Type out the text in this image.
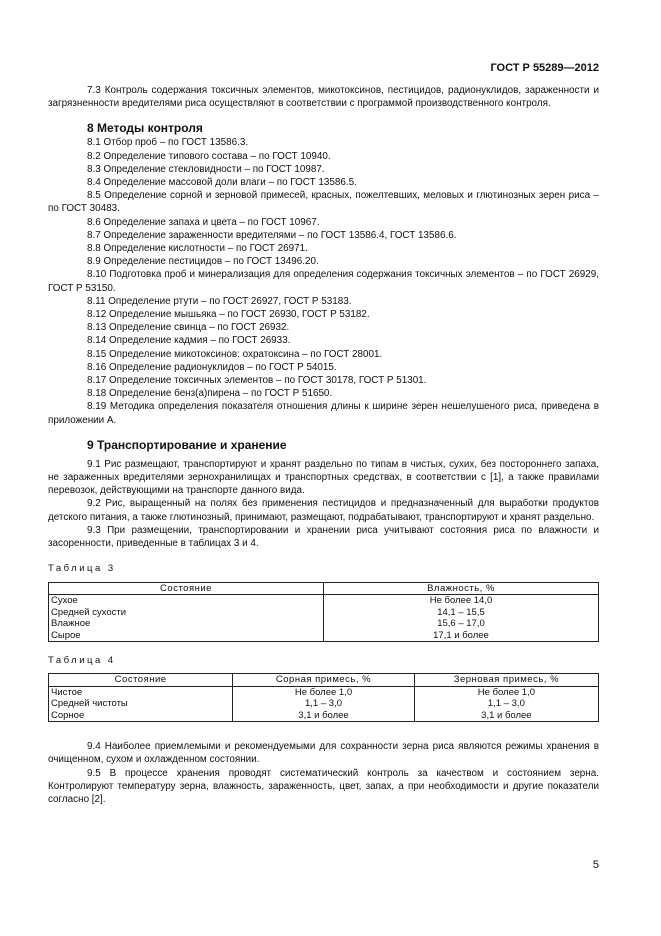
ГОСТ Р 55289—2012

7.3 Контроль содержания токсичных элементов, микотоксинов, пестицидов, радионуклидов, зараженности и загрязненности вредителями риса осуществляют в соответствии с программой производственного контроля.

8 Методы контроля

8.1 Отбор проб – по ГОСТ 13586.3.

8.2 Определение типового состава – по ГОСТ 10940.

8.3 Определение стекловидности – по ГОСТ 10987.

8.4 Определение массовой доли влаги – по ГОСТ 13586.5.

8.5 Определение сорной и зерновой примесей, красных, пожелтевших, меловых и глютинозных зерен риса – по ГОСТ 30483.

8.6 Определение запаха и цвета – по ГОСТ 10967.

8.7 Определение зараженности вредителями – по ГОСТ 13586.4, ГОСТ 13586.6.

8.8 Определение кислотности – по ГОСТ 26971.

8.9 Определение пестицидов – по ГОСТ 13496.20.

8.10 Подготовка проб и минерализация для определения содержания токсичных элементов – по ГОСТ 26929, ГОСТ Р 53150.

8.11 Определение ртути – по ГОСТ 26927, ГОСТ Р 53183.

8.12 Определение мышьяка – по ГОСТ 26930, ГОСТ Р 53182.

8.13 Определение свинца – по ГОСТ 26932.

8.14 Определение кадмия – по ГОСТ 26933.

8.15 Определение микотоксинов: охратоксина – по ГОСТ 28001.

8.16 Определение радионуклидов – по ГОСТ Р 54015.

8.17 Определение токсичных элементов – по ГОСТ 30178, ГОСТ Р 51301.

8.18 Определение бенз(а)пирена – по ГОСТ Р 51650.

8.19 Методика определения показателя отношения длины к ширине зерен нешелушеного риса, приведена в приложении А.

9 Транспортирование и хранение

9.1 Рис размещают, транспортируют и хранят раздельно по типам в чистых, сухих, без постороннего запаха, не зараженных вредителями зернохранилищах и транспортных средствах, в соответствии с [1], а также правилами перевозок, действующими на транспорте данного вида.

9.2 Рис, выращенный на полях без применения пестицидов и предназначенный для выработки продуктов детского питания, а также глютинозный, принимают, размещают, подрабатывают, транспортируют и хранят раздельно.

9.3 При размещении, транспортировании и хранении риса учитывают состояния риса по влажности и засоренности, приведенные в таблицах 3 и 4.

Таблица 3

Состояние	Влажность, %
Сухое	Не более 14,0
Средней сухости	14,1 – 15,5
Влажное	15,6 – 17,0
Сырое	17,1 и более

Таблица 4

Состояние	Сорная примесь, %	Зерновая примесь, %
Чистое	Не более 1,0	Не более 1,0
Средней чистоты	1,1 – 3,0	1,1 – 3,0
Сорное	3,1 и более	3,1 и более

9.4 Наиболее приемлемыми и рекомендуемыми для сохранности зерна риса являются режимы хранения в очищенном, сухом и охлажденном состоянии.

9.5 В процессе хранения проводят систематический контроль за качеством и состоянием зерна. Контролируют температуру зерна, влажность, зараженность, цвет, запах, а при необходимости и другие показатели согласно [2].

5
